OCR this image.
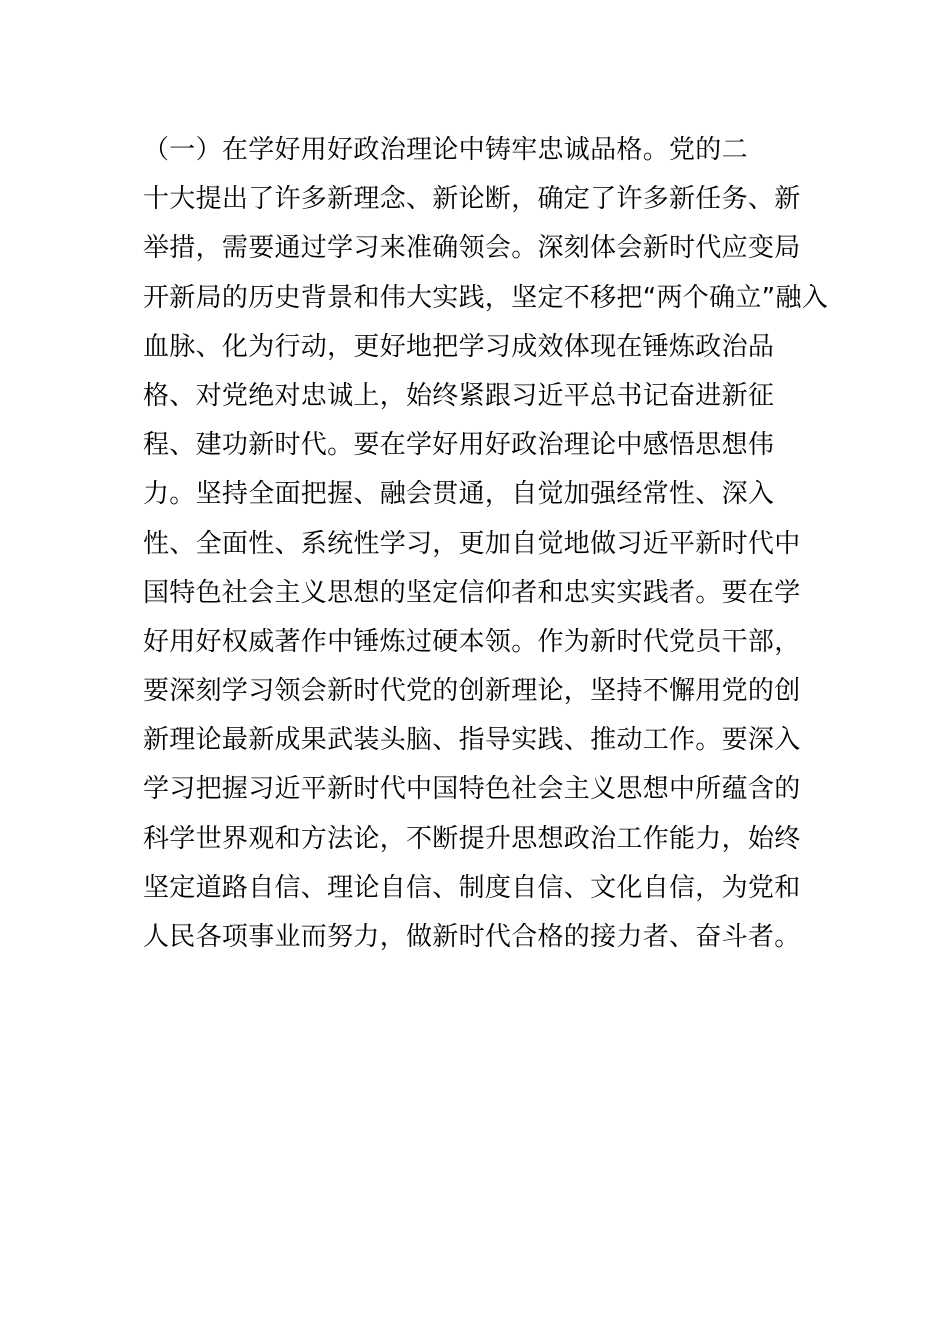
（一）在学好用好政治理论中铸牢忠诚品格。党的二
十大提出了许多新理念、新论断，确定了许多新任务、新
举措，需要通过学习来准确领会。深刻体会新时代应变局
开新局的历史背景和伟大实践，坚定不移把“两个确立”融入
血脉、化为行动，更好地把学习成效体现在锤炼政治品
格、对党绝对忠诚上，始终紧跟习近平总书记奋进新征
程、建功新时代。要在学好用好政治理论中感悟思想伟
力。坚持全面把握、融会贯通，自觉加强经常性、深入
性、全面性、系统性学习，更加自觉地做习近平新时代中
国特色社会主义思想的坚定信仰者和忠实实践者。要在学
好用好权威著作中锤炼过硬本领。作为新时代党员干部，
要深刻学习领会新时代党的创新理论，坚持不懈用党的创
新理论最新成果武装头脑、指导实践、推动工作。要深入
学习把握习近平新时代中国特色社会主义思想中所蕴含的
科学世界观和方法论，不断提升思想政治工作能力，始终
坚定道路自信、理论自信、制度自信、文化自信，为党和
人民各项事业而努力，做新时代合格的接力者、奋斗者。
